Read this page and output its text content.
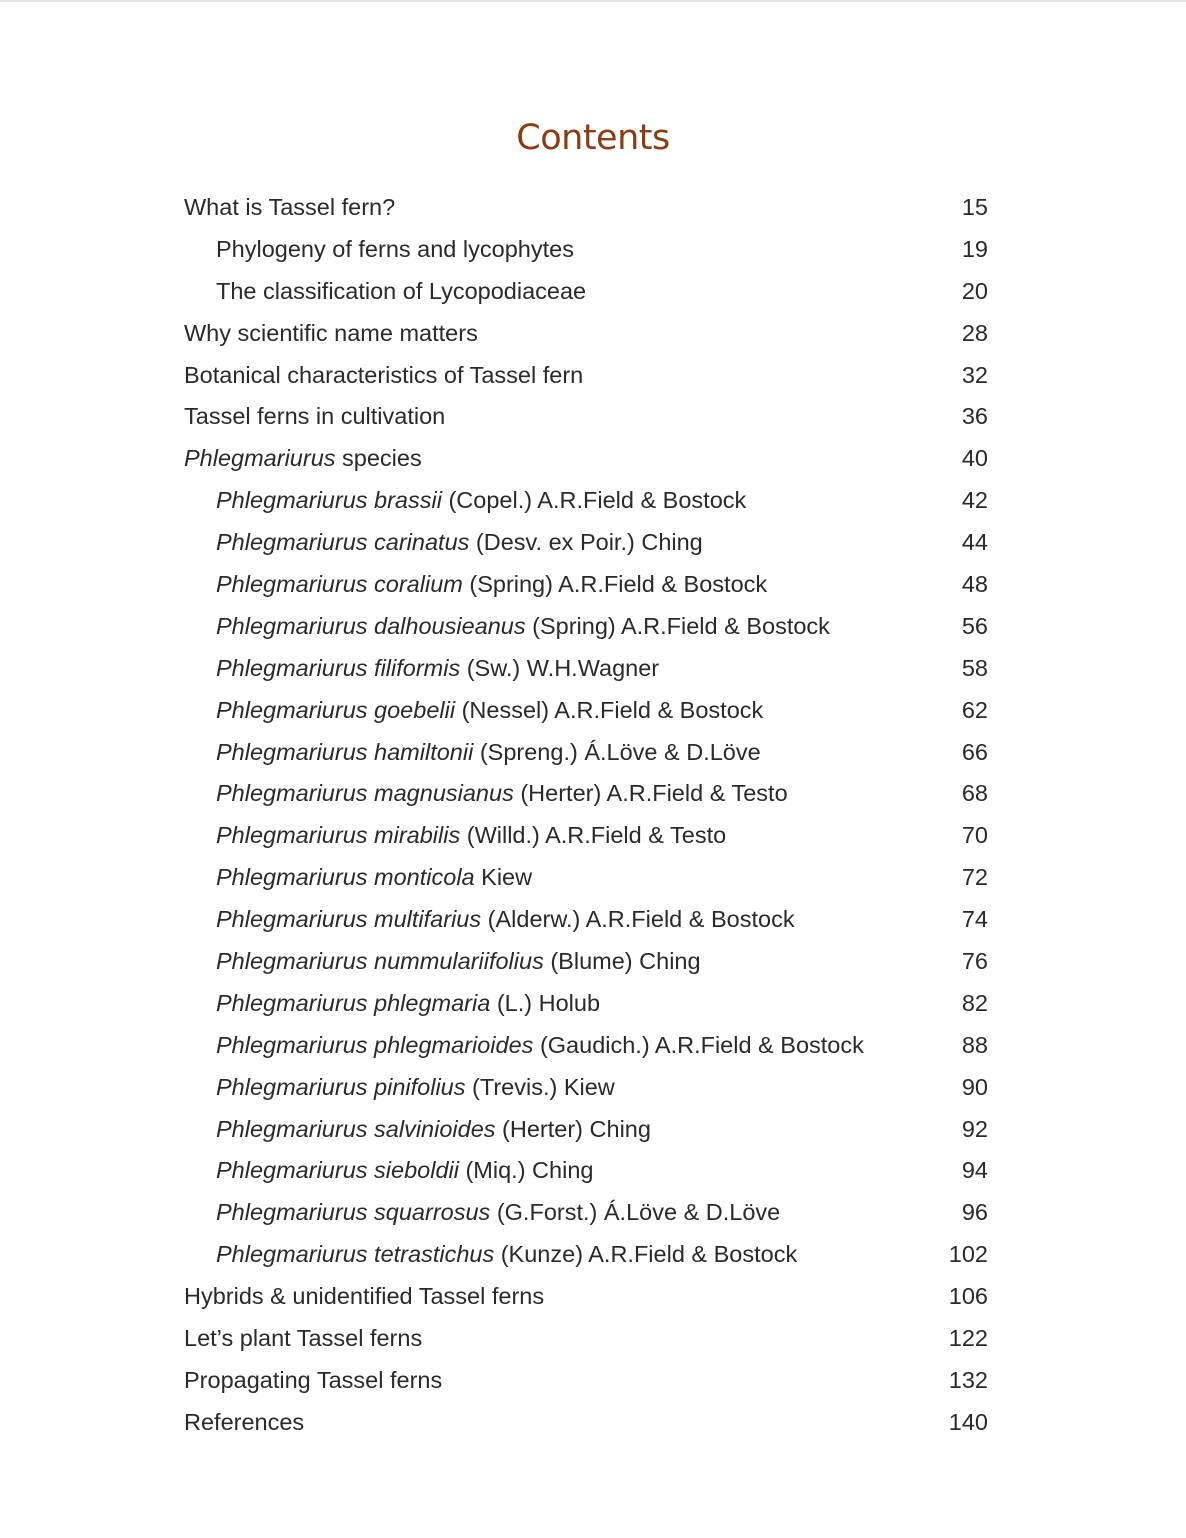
Contents
What is Tassel fern?	15
Phylogeny of ferns and lycophytes	19
The classification of Lycopodiaceae	20
Why scientific name matters	28
Botanical characteristics of Tassel fern	32
Tassel ferns in cultivation	36
Phlegmariurus species	40
Phlegmariurus brassii (Copel.) A.R.Field & Bostock	42
Phlegmariurus carinatus (Desv. ex Poir.) Ching	44
Phlegmariurus coralium (Spring) A.R.Field & Bostock	48
Phlegmariurus dalhousieanus (Spring) A.R.Field & Bostock	56
Phlegmariurus filiformis (Sw.) W.H.Wagner	58
Phlegmariurus goebelii (Nessel) A.R.Field & Bostock	62
Phlegmariurus hamiltonii (Spreng.) Á.Löve & D.Löve	66
Phlegmariurus magnusianus (Herter) A.R.Field & Testo	68
Phlegmariurus mirabilis (Willd.) A.R.Field & Testo	70
Phlegmariurus monticola Kiew	72
Phlegmariurus multifarius (Alderw.) A.R.Field & Bostock	74
Phlegmariurus nummulariifolius (Blume) Ching	76
Phlegmariurus phlegmaria (L.) Holub	82
Phlegmariurus phlegmarioides (Gaudich.) A.R.Field & Bostock	88
Phlegmariurus pinifolius (Trevis.) Kiew	90
Phlegmariurus salvinioides (Herter) Ching	92
Phlegmariurus sieboldii (Miq.) Ching	94
Phlegmariurus squarrosus (G.Forst.) Á.Löve & D.Löve	96
Phlegmariurus tetrastichus (Kunze) A.R.Field & Bostock	102
Hybrids & unidentified Tassel ferns	106
Let’s plant Tassel ferns	122
Propagating Tassel ferns	132
References	140
